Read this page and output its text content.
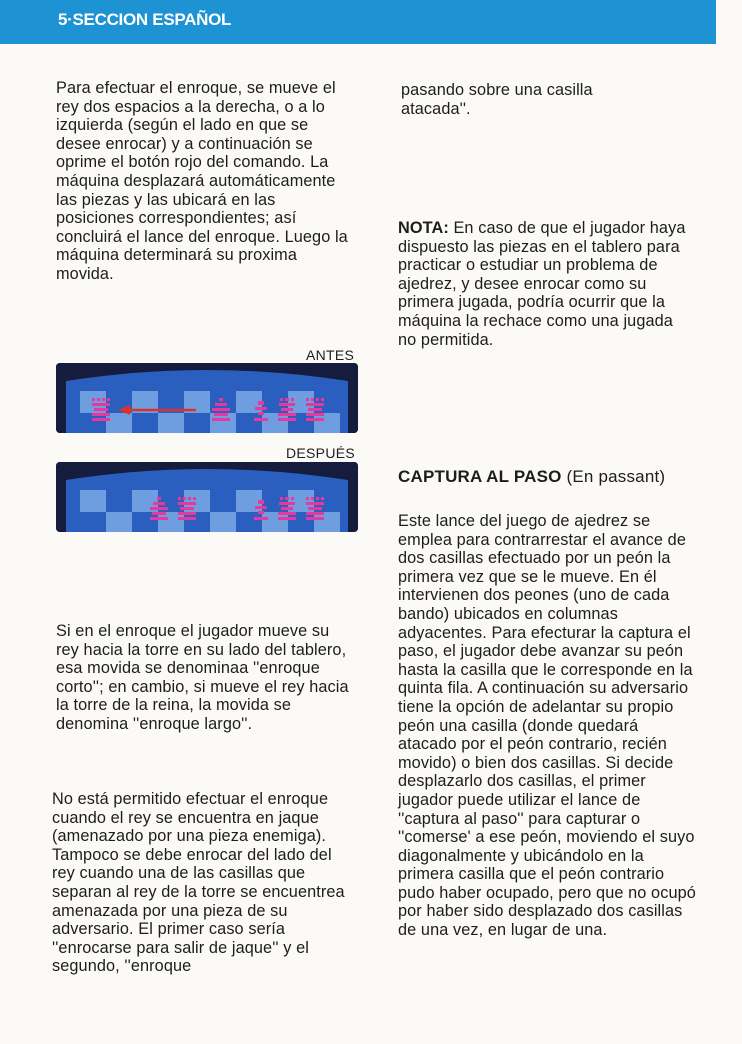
5·SECCION ESPAÑOL

Para efectuar el enroque, se mueve el rey dos espacios a la derecha, o a lo izquierda (según el lado en que se desee enrocar) y a continuación se oprime el botón rojo del comando. La máquina desplazará automáticamente las piezas y las ubicará en las posiciones correspondientes; así concluirá el lance del enroque. Luego la máquina determinará su proxima movida.

ANTES
DESPUÉS

Si en el enroque el jugador mueve su rey hacia la torre en su lado del tablero, esa movida se denominaa ''enroque corto''; en cambio, si mueve el rey hacia la torre de la reina, la movida se denomina ''enroque largo''.

No está permitido efectuar el enroque cuando el rey se encuentra en jaque (amenazado por una pieza enemiga). Tampoco se debe enrocar del lado del rey cuando una de las casillas que separan al rey de la torre se encuentrea amenazada por una pieza de su adversario. El primer caso sería ''enrocarse para salir de jaque'' y el segundo, ''enroque

pasando sobre una casilla atacada''.

NOTA: En caso de que el jugador haya dispuesto las piezas en el tablero para practicar o estudiar un problema de ajedrez, y desee enrocar como su primera jugada, podría ocurrir que la máquina la rechace como una jugada no permitida.

CAPTURA AL PASO (En passant)

Este lance del juego de ajedrez se emplea para contrarrestar el avance de dos casillas efectuado por un peón la primera vez que se le mueve. En él intervienen dos peones (uno de cada bando) ubicados en columnas adyacentes. Para efecturar la captura el paso, el jugador debe avanzar su peón hasta la casilla que le corresponde en la quinta fila. A continuación su adversario tiene la opción de adelantar su propio peón una casilla (donde quedará atacado por el peón contrario, recién movido) o bien dos casillas. Si decide desplazarlo dos casillas, el primer jugador puede utilizar el lance de ''captura al paso'' para capturar o ''comerse' a ese peón, moviendo el suyo diagonalmente y ubicándolo en la primera casilla que el peón contrario pudo haber ocupado, pero que no ocupó por haber sido desplazado dos casillas de una vez, en lugar de una.
